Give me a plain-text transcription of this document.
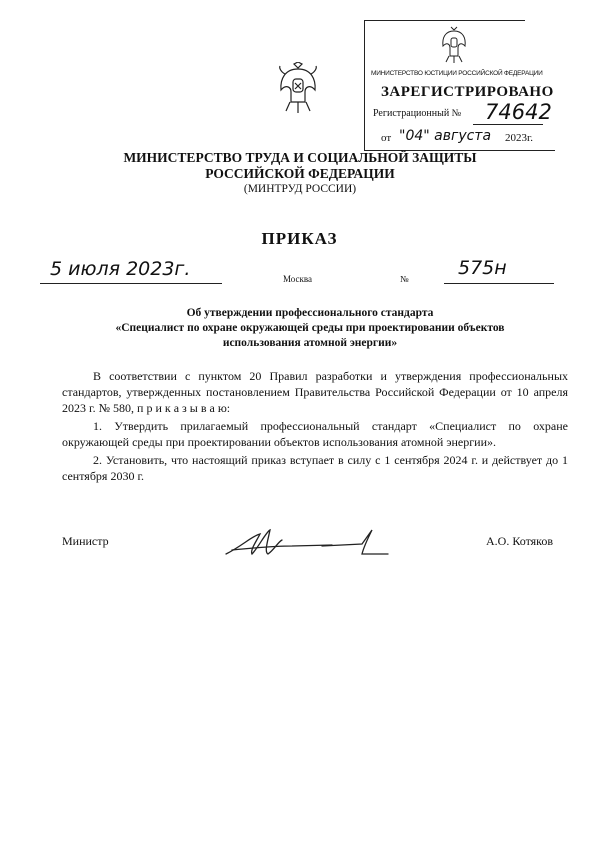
МИНИСТЕРСТВО ЮСТИЦИИ РОССИЙСКОЙ ФЕДЕРАЦИИ
ЗАРЕГИСТРИРОВАНО
Регистрационный № 74642
от "04" августа 2023г.
МИНИСТЕРСТВО ТРУДА И СОЦИАЛЬНОЙ ЗАЩИТЫ
РОССИЙСКОЙ ФЕДЕРАЦИИ
(МИНТРУД РОССИИ)
ПРИКАЗ
5 июля 2023г.	Москва	№	575н
Об утверждении профессионального стандарта
«Специалист по охране окружающей среды при проектировании объектов
использования атомной энергии»
В соответствии с пунктом 20 Правил разработки и утверждения профессиональных стандартов, утвержденных постановлением Правительства Российской Федерации от 10 апреля 2023 г. № 580, п р и к а з ы в а ю:
1. Утвердить прилагаемый профессиональный стандарт «Специалист по охране окружающей среды при проектировании объектов использования атомной энергии».
2. Установить, что настоящий приказ вступает в силу с 1 сентября 2024 г. и действует до 1 сентября 2030 г.
Министр	А.О. Котяков
